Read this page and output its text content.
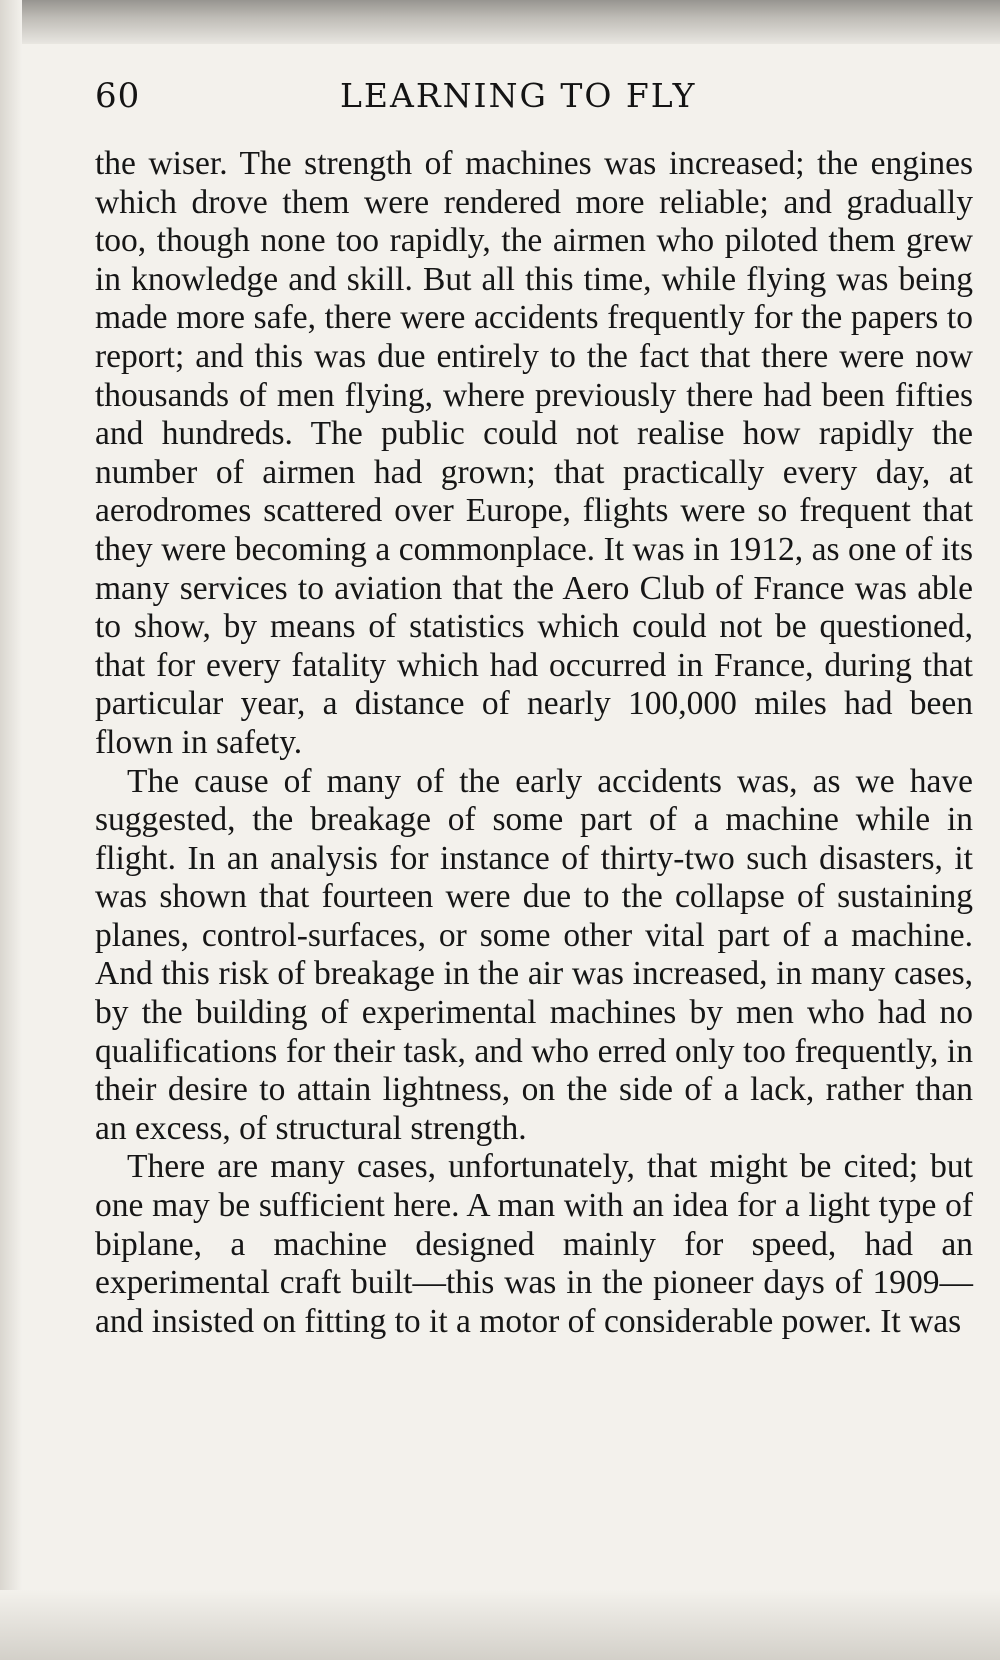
60	LEARNING TO FLY

the wiser. The strength of machines was increased; the engines which drove them were rendered more reliable; and gradually too, though none too rapidly, the airmen who piloted them grew in knowledge and skill. But all this time, while flying was being made more safe, there were accidents frequently for the papers to report; and this was due entirely to the fact that there were now thousands of men flying, where previously there had been fifties and hundreds. The public could not realise how rapidly the number of airmen had grown; that practically every day, at aerodromes scattered over Europe, flights were so frequent that they were becoming a commonplace. It was in 1912, as one of its many services to aviation that the Aero Club of France was able to show, by means of statistics which could not be questioned, that for every fatality which had occurred in France, during that particular year, a distance of nearly 100,000 miles had been flown in safety.

The cause of many of the early accidents was, as we have suggested, the breakage of some part of a machine while in flight. In an analysis for instance of thirty-two such disasters, it was shown that fourteen were due to the collapse of sustaining planes, control-surfaces, or some other vital part of a machine. And this risk of breakage in the air was increased, in many cases, by the building of experimental machines by men who had no qualifications for their task, and who erred only too frequently, in their desire to attain lightness, on the side of a lack, rather than an excess, of structural strength.

There are many cases, unfortunately, that might be cited; but one may be sufficient here. A man with an idea for a light type of biplane, a machine designed mainly for speed, had an experimental craft built—this was in the pioneer days of 1909—and insisted on fitting to it a motor of considerable power. It was
